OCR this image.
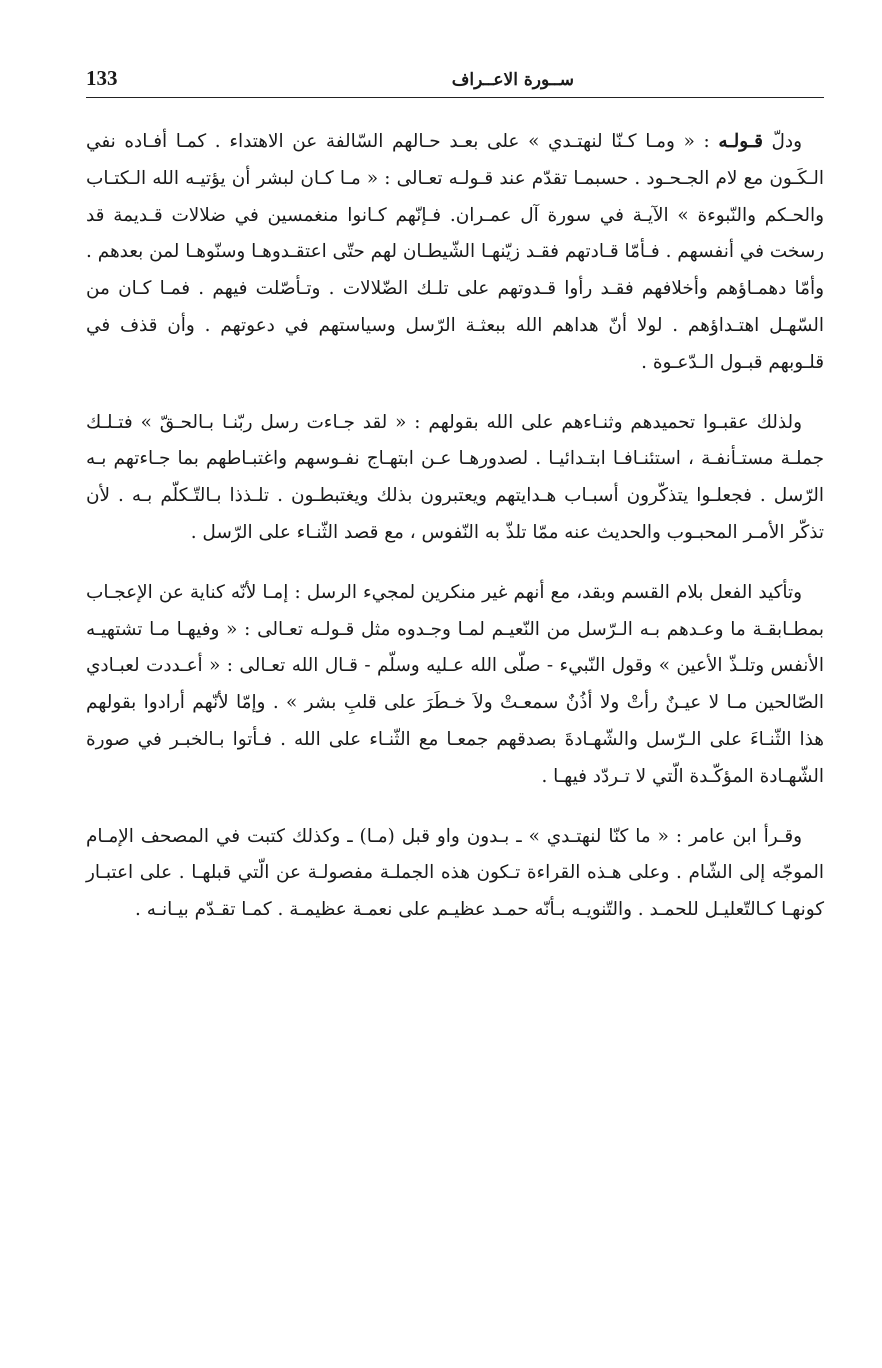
133	ســورة الاعــراف

ودلّ قـولـه : « ومـا كـنّا لنهتـدي » على بعـد حـالهم السّالفة عن الاهتداء . كمـا أفـاده نفي الـكَـون مع لام الجـحـود . حسبمـا تقدّم عند قـولـه تعـالى : « مـا كـان لبشر أن يؤتيـه الله الـكتـاب والحـكم والنّبوءة » الآيـة في سورة آل عمـران. فـإنّهم كـانوا منغمسين في ضلالات قـديمة قد رسخت في أنفسهم . فـأمّا قـادتهم فقـد زيّنهـا الشّيطـان لهم حتّى اعتقـدوهـا وسنّوهـا لمن بعدهم . وأمّا دهمـاؤهم وأخلافهم فقـد رأوا قـدوتهم على تلـك الضّلالات . وتـأصّلت فيهم . فمـا كـان من السّهـل اهتـداؤهم . لولا أنّ هداهم الله ببعثـة الرّسل وسياستهم في دعوتهم . وأن قذف في قلـوبهم قبـول الـدّعـوة .

ولذلك عقبـوا تحميدهم وثنـاءهم على الله بقولهم : « لقد جـاءت رسل ربّنـا بـالحـقّ » فتـلـك جملـة مستـأنفـة ، استئنـافـا ابتـدائيـا . لصدورهـا عـن ابتهـاج نفـوسهم واغتبـاطهم بما جـاءتهم بـه الرّسل . فجعلـوا يتذكّرون أسبـاب هـدايتهم ويعتبرون بذلك ويغتبطـون . تلـذذا بـالتّـكلّم بـه . لأن تذكّر الأمـر المحبـوب والحديث عنه ممّا تلذّ به النّفوس ، مع قصد الثّنـاء على الرّسل .

وتأكيد الفعل بلام القسم وبقد، مع أنهم غير منكرين لمجيء الرسل : إمـا لأنّه كناية عن الإعجـاب بمطـابقـة ما وعـدهم بـه الـرّسل من النّعيـم لمـا وجـدوه مثل قـولـه تعـالى : « وفيهـا مـا تشتهيـه الأنفس وتلـذّ الأعين » وقول النّبيء - صلّى الله عـليه وسلّم - قـال الله تعـالى : « أعـددت لعبـادي الصّالحين مـا لا عيـنٌ رأتْ ولا أذُنٌ سمعـتْ ولاَ خـطَرَ على قلبِ بشر » . وإمّا لأنّهم أرادوا بقولهم هذا الثّنـاءَ على الـرّسل والشّهـادةَ بصدقهم جمعـا مع الثّنـاء على الله . فـأتوا بـالخبـر في صورة الشّهـادة المؤكّـدة الّتي لا تـردّد فيهـا .

وقـرأ ابن عامر : « ما كنّا لنهتـدي » ـ بـدون واو قبل (مـا) ـ وكذلك كتبت في المصحف الإمـام الموجّه إلى الشّام . وعلى هـذه القراءة تـكون هذه الجملـة مفصولـة عن الّتي قبلهـا . على اعتبـار كونهـا كـالتّعليـل للحمـد . والتّنويـه بـأنّه حمـد عظيـم على نعمـة عظيمـة . كمـا تقـدّم بيـانـه .
